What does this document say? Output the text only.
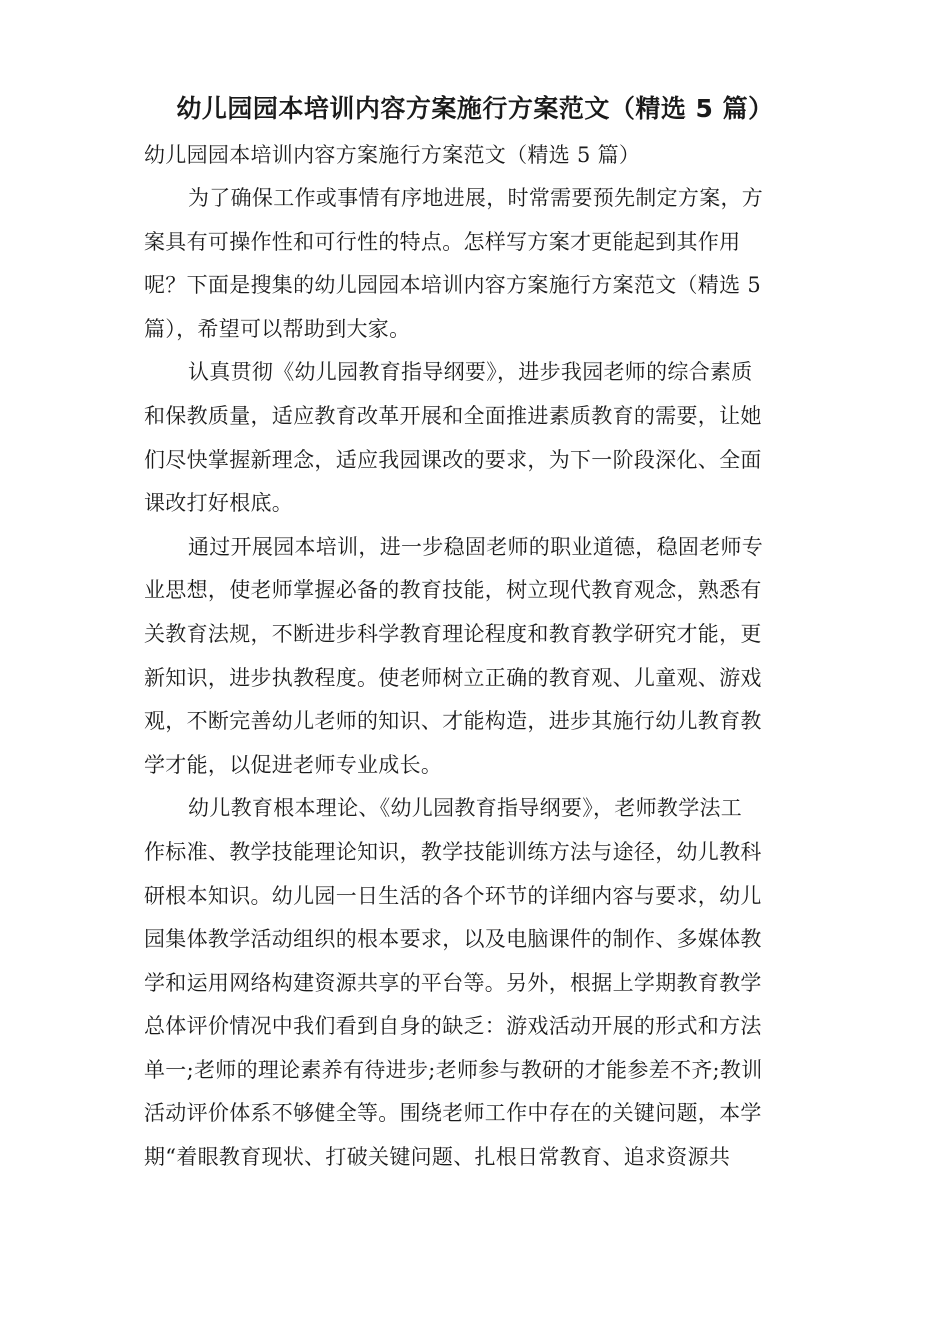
幼儿园园本培训内容方案施行方案范文（精选 5 篇）

幼儿园园本培训内容方案施行方案范文（精选 5 篇）

为了确保工作或事情有序地进展，时常需要预先制定方案，方
案具有可操作性和可行性的特点。怎样写方案才更能起到其作用
呢？下面是搜集的幼儿园园本培训内容方案施行方案范文（精选 5
篇），希望可以帮助到大家。

认真贯彻《幼儿园教育指导纲要》，进步我园老师的综合素质
和保教质量，适应教育改革开展和全面推进素质教育的需要，让她
们尽快掌握新理念，适应我园课改的要求，为下一阶段深化、全面
课改打好根底。

通过开展园本培训，进一步稳固老师的职业道德，稳固老师专
业思想，使老师掌握必备的教育技能，树立现代教育观念，熟悉有
关教育法规，不断进步科学教育理论程度和教育教学研究才能，更
新知识，进步执教程度。使老师树立正确的教育观、儿童观、游戏
观，不断完善幼儿老师的知识、才能构造，进步其施行幼儿教育教
学才能，以促进老师专业成长。

幼儿教育根本理论、《幼儿园教育指导纲要》，老师教学法工
作标准、教学技能理论知识，教学技能训练方法与途径，幼儿教科
研根本知识。幼儿园一日生活的各个环节的详细内容与要求，幼儿
园集体教学活动组织的根本要求，以及电脑课件的制作、多媒体教
学和运用网络构建资源共享的平台等。另外，根据上学期教育教学
总体评价情况中我们看到自身的缺乏：游戏活动开展的形式和方法
单一;老师的理论素养有待进步;老师参与教研的才能参差不齐;教训
活动评价体系不够健全等。围绕老师工作中存在的关键问题，本学
期“着眼教育现状、打破关键问题、扎根日常教育、追求资源共
